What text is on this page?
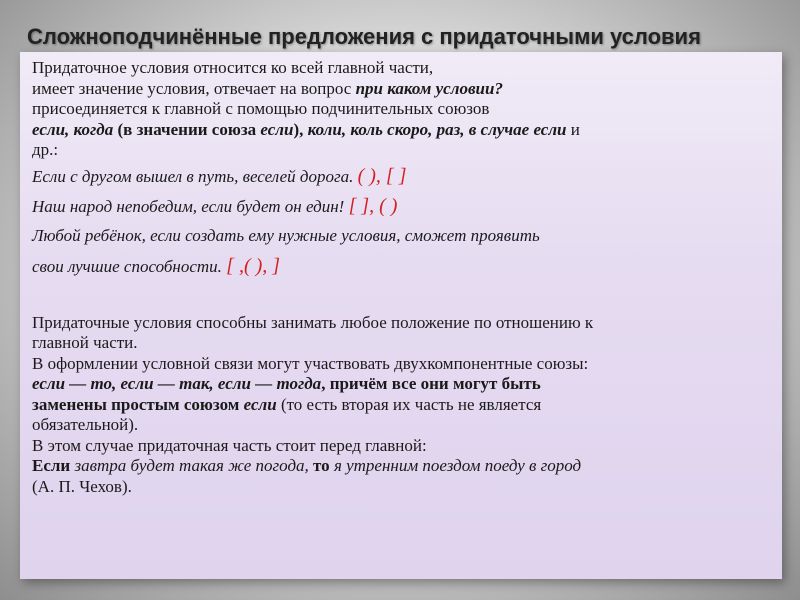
Сложноподчинённые предложения с придаточными условия

Придаточное условия относится ко всей главной части,

имеет значение условия, отвечает на вопрос при каком условии?

присоединяется к главной с помощью подчинительных союзов

если, когда (в значении союза если), коли, коль скоро, раз, в случае если и

др.:

Если с другом вышел в путь, веселей дорога. ( ), [ ]
Наш народ непобедим, если будет он един! [ ], ( )
Любой ребёнок, если создать ему нужные условия, сможет проявить
свои лучшие способности. [ ,( ), ]

Придаточные условия способны занимать любое положение по отношению к

главной части.

В оформлении условной связи могут участвовать двухкомпонентные союзы:

если — то, если — так, если — тогда, причём все они могут быть

заменены простым союзом если (то есть вторая их часть не является

обязательной).

В этом случае придаточная часть стоит перед главной:

Если завтра будет такая же погода, то я утренним поездом поеду в город

(А. П. Чехов).
